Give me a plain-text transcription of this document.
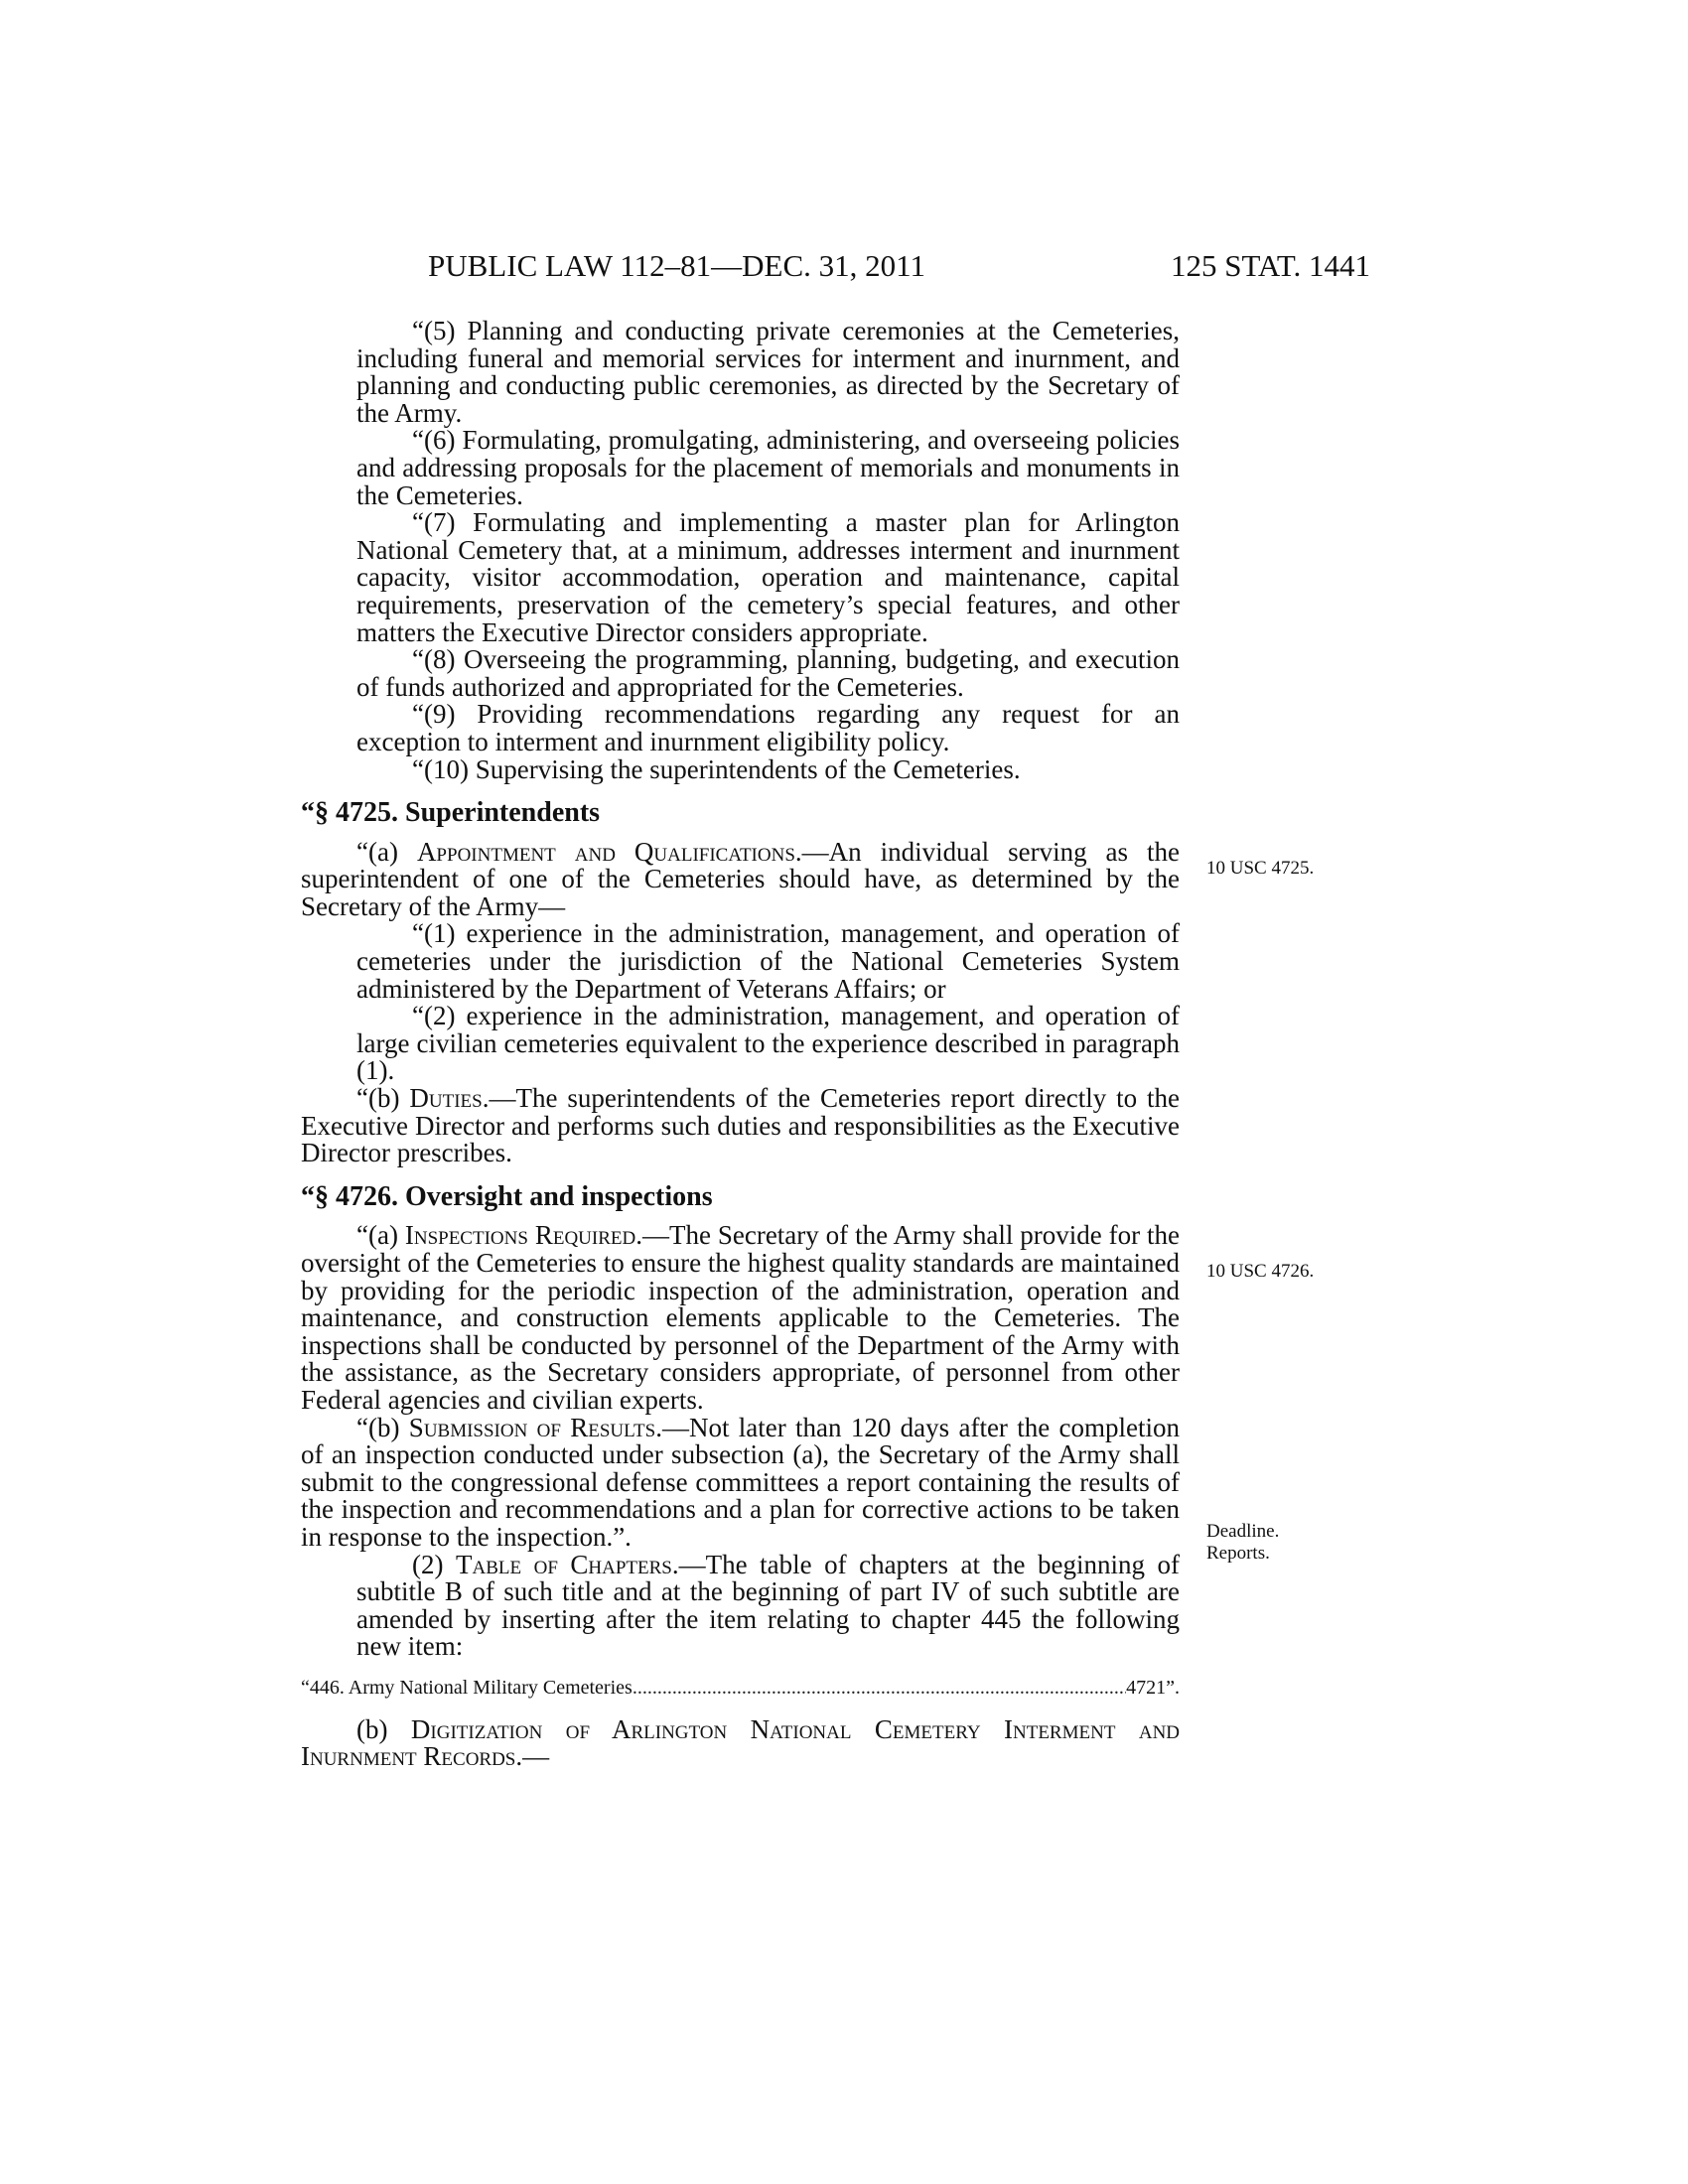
PUBLIC LAW 112–81—DEC. 31, 2011	125 STAT. 1441

“(5) Planning and conducting private ceremonies at the Cemeteries, including funeral and memorial services for interment and inurnment, and planning and conducting public ceremonies, as directed by the Secretary of the Army.

“(6) Formulating, promulgating, administering, and overseeing policies and addressing proposals for the placement of memorials and monuments in the Cemeteries.

“(7) Formulating and implementing a master plan for Arlington National Cemetery that, at a minimum, addresses interment and inurnment capacity, visitor accommodation, operation and maintenance, capital requirements, preservation of the cemetery’s special features, and other matters the Executive Director considers appropriate.

“(8) Overseeing the programming, planning, budgeting, and execution of funds authorized and appropriated for the Cemeteries.

“(9) Providing recommendations regarding any request for an exception to interment and inurnment eligibility policy.

“(10) Supervising the superintendents of the Cemeteries.

“§ 4725. Superintendents

“(a) Appointment and Qualifications.—An individual serving as the superintendent of one of the Cemeteries should have, as determined by the Secretary of the Army—

“(1) experience in the administration, management, and operation of cemeteries under the jurisdiction of the National Cemeteries System administered by the Department of Veterans Affairs; or

“(2) experience in the administration, management, and operation of large civilian cemeteries equivalent to the experience described in paragraph (1).

“(b) Duties.—The superintendents of the Cemeteries report directly to the Executive Director and performs such duties and responsibilities as the Executive Director prescribes.

“§ 4726. Oversight and inspections

“(a) Inspections Required.—The Secretary of the Army shall provide for the oversight of the Cemeteries to ensure the highest quality standards are maintained by providing for the periodic inspection of the administration, operation and maintenance, and construction elements applicable to the Cemeteries. The inspections shall be conducted by personnel of the Department of the Army with the assistance, as the Secretary considers appropriate, of personnel from other Federal agencies and civilian experts.

“(b) Submission of Results.—Not later than 120 days after the completion of an inspection conducted under subsection (a), the Secretary of the Army shall submit to the congressional defense committees a report containing the results of the inspection and recommendations and a plan for corrective actions to be taken in response to the inspection.”.

(2) Table of Chapters.—The table of chapters at the beginning of subtitle B of such title and at the beginning of part IV of such subtitle are amended by inserting after the item relating to chapter 445 the following new item:

“446. Army National Military Cemeteries .....	4721”.

(b) Digitization of Arlington National Cemetery Interment and Inurnment Records.—

10 USC 4725.
10 USC 4726.
Deadline.
Reports.
